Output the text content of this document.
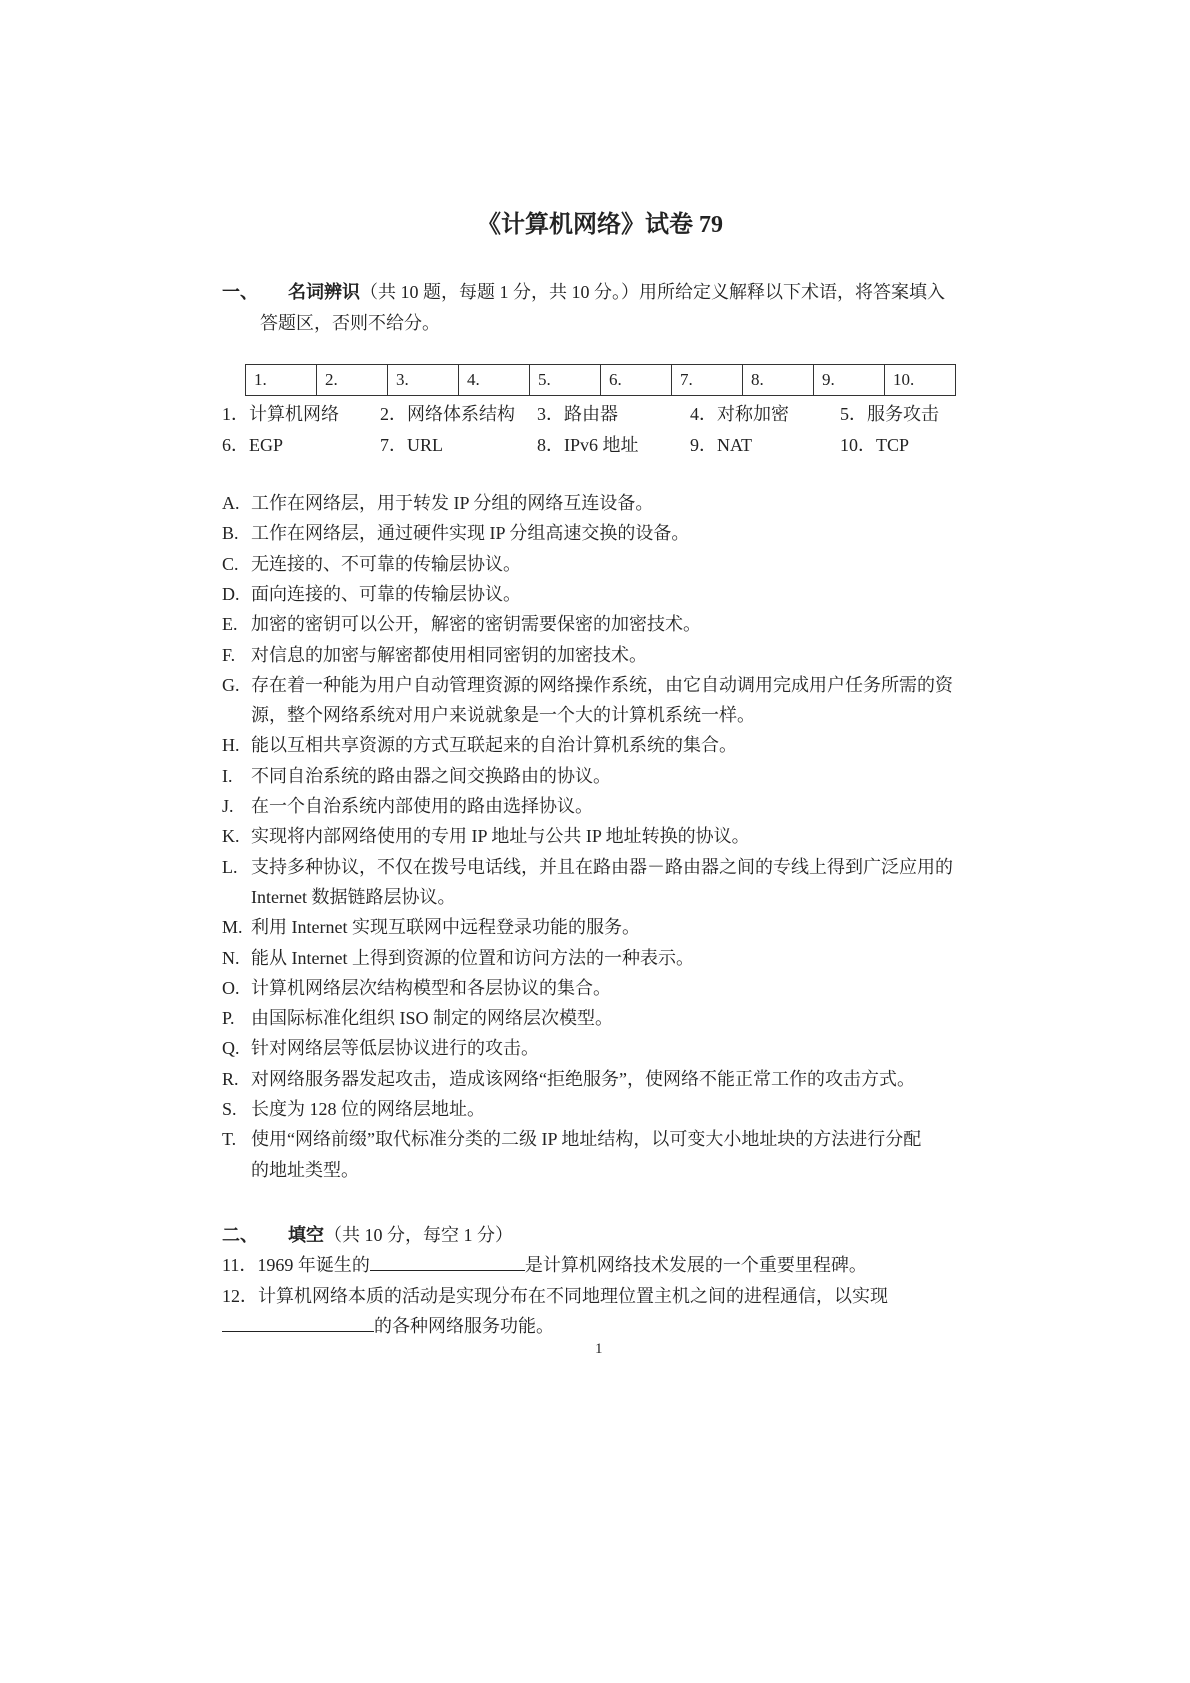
《计算机网络》试卷 79
一、 名词辨识（共 10 题，每题 1 分，共 10 分。）用所给定义解释以下术语，将答案填入
答题区，否则不给分。
1.	2.	3.	4.	5.	6.	7.	8.	9.	10.
1．计算机网络 2．网络体系结构 3．路由器	4．对称加密	5．服务攻击
6．EGP	7．URL	8．IPv6 地址	9．NAT	10．TCP
A. 工作在网络层，用于转发 IP 分组的网络互连设备。
B. 工作在网络层，通过硬件实现 IP 分组高速交换的设备。
C. 无连接的、不可靠的传输层协议。
D. 面向连接的、可靠的传输层协议。
E. 加密的密钥可以公开，解密的密钥需要保密的加密技术。
F. 对信息的加密与解密都使用相同密钥的加密技术。
G. 存在着一种能为用户自动管理资源的网络操作系统，由它自动调用完成用户任务所需的资
源，整个网络系统对用户来说就象是一个大的计算机系统一样。
H. 能以互相共享资源的方式互联起来的自治计算机系统的集合。
I. 不同自治系统的路由器之间交换路由的协议。
J. 在一个自治系统内部使用的路由选择协议。
K. 实现将内部网络使用的专用 IP 地址与公共 IP 地址转换的协议。
L. 支持多种协议，不仅在拨号电话线，并且在路由器－路由器之间的专线上得到广泛应用的
Internet 数据链路层协议。
M. 利用 Internet 实现互联网中远程登录功能的服务。
N. 能从 Internet 上得到资源的位置和访问方法的一种表示。
O. 计算机网络层次结构模型和各层协议的集合。
P. 由国际标准化组织 ISO 制定的网络层次模型。
Q. 针对网络层等低层协议进行的攻击。
R. 对网络服务器发起攻击，造成该网络“拒绝服务”，使网络不能正常工作的攻击方式。
S. 长度为 128 位的网络层地址。
T. 使用“网络前缀”取代标准分类的二级 IP 地址结构，以可变大小地址块的方法进行分配
的地址类型。
二、 填空（共 10 分，每空 1 分）
11．1969 年诞生的	是计算机网络技术发展的一个重要里程碑。
12．计算机网络本质的活动是实现分布在不同地理位置主机之间的进程通信，以实现
的各种网络服务功能。
1
